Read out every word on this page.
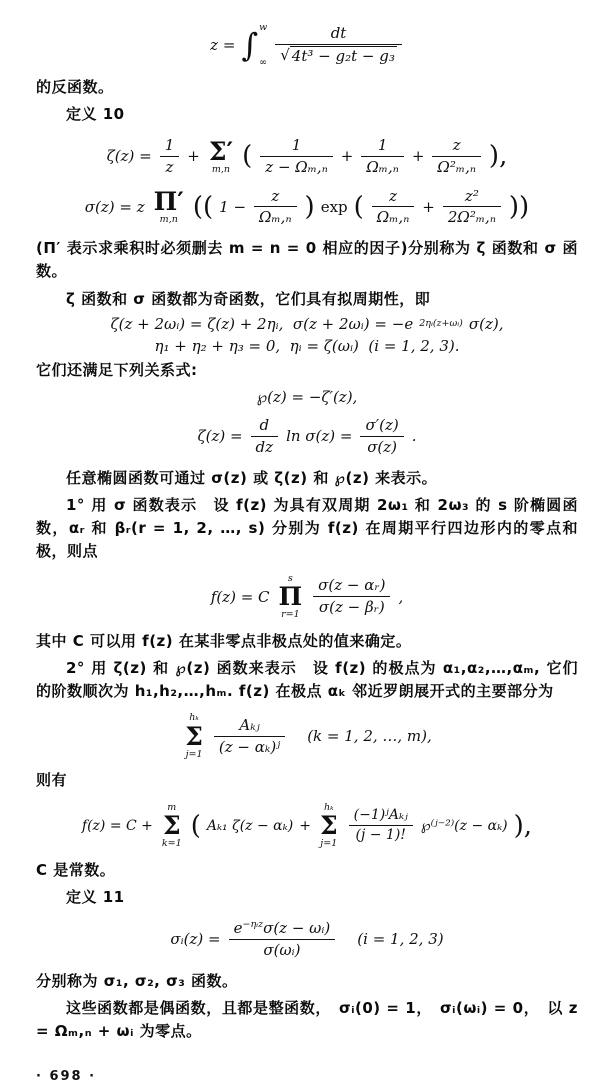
z = ∫ w
∞ $\frac{dt}{\text{√ 4t³ − g₂t − g₃}}$

的反函数。

定义 10

$\zeta(z) = \frac{1}{z} + \Sigma'$
m,n ( $\frac{1}{\text{z − Ωₘ,ₙ}} + \frac{1}{\text{Ωₘ,ₙ}} + \frac{z}{\text{Ω²ₘ,ₙ}}$ ),
σ(z) = z Π′
m,n (( $1 - \frac{z}{\text{Ωₘ,ₙ}}$ ) exp ( $\frac{z}{\text{Ωₘ,ₙ}} + \frac{\text{z²}}{\text{2Ω²ₘ,ₙ}}$ ))

(Π′ 表示求乘积时必须删去 m = n = 0 相应的因子)分别称为 ζ 函数和 σ 函数。

ζ 函数和 σ 函数都为奇函数，它们具有拟周期性，即

ζ(z + 2ωᵢ) = ζ(z) + 2ηᵢ,  σ(z + 2ωᵢ) = −e 2ηᵢ(z+ωᵢ) σ(z),
η₁ + η₂ + η₃ = 0,  ηᵢ = ζ(ωᵢ)  (i = 1, 2, 3).

它们还满足下列关系式:

℘(z) = −ζ′(z),
$\zeta(z) = \frac{d}{dz}$ $\ln \sigma(z) = \frac{\sigma'(z)}{\sigma(z)}$ .

任意椭圆函数可通过 σ(z) 或 ζ(z) 和 ℘(z) 来表示。

1° 用 σ 函数表示　设 f(z) 为具有双周期 2ω₁ 和 2ω₃ 的 s 阶椭圆函数，αᵣ 和 βᵣ(r = 1, 2, …, s) 分别为 f(z) 在周期平行四边形内的零点和极，则点

f(z) = C
s
Π
$r=1 \frac{\text{σ(z − αᵣ)}}{\text{σ(z − βᵣ)}}$ ,

其中 C 可以用 f(z) 在某非零点非极点处的值来确定。

2° 用 ζ(z) 和 ℘(z) 函数来表示　设 f(z) 的极点为 α₁,α₂,…,αₘ, 它们的阶数顺次为 h₁,h₂,…,hₘ. f(z) 在极点 αₖ 邻近罗朗展开式的主要部分为

hₖ
Σ
$j=1 \frac{\text{Aₖⱼ}}{\text{(z − αₖ)ʲ}} (k = 1$, 2, …, m),

则有

f(z) = C +
m
Σ
k=1
( Aₖ₁ ζ(z − αₖ) +
hₖ
Σ
$j=1 \frac{\text{(−1)ʲAₖⱼ}}{(j - 1)!}$ ℘⁽ʲ⁻²⁾(z − αₖ) ),

C 是常数。

定义 11

σᵢ(z) = $\frac{e^{-\eta ᵢz}\sigma(z - \omega ᵢ)}{\text{σ(ωᵢ)}} (i = 1$, 2, 3)

分别称为 σ₁, σ₂, σ₃ 函数。

这些函数都是偶函数，且都是整函数，　σᵢ(0) = 1，　σᵢ(ωᵢ) = 0，　以 z = Ωₘ,ₙ + ωᵢ 为零点。

· 698 ·
